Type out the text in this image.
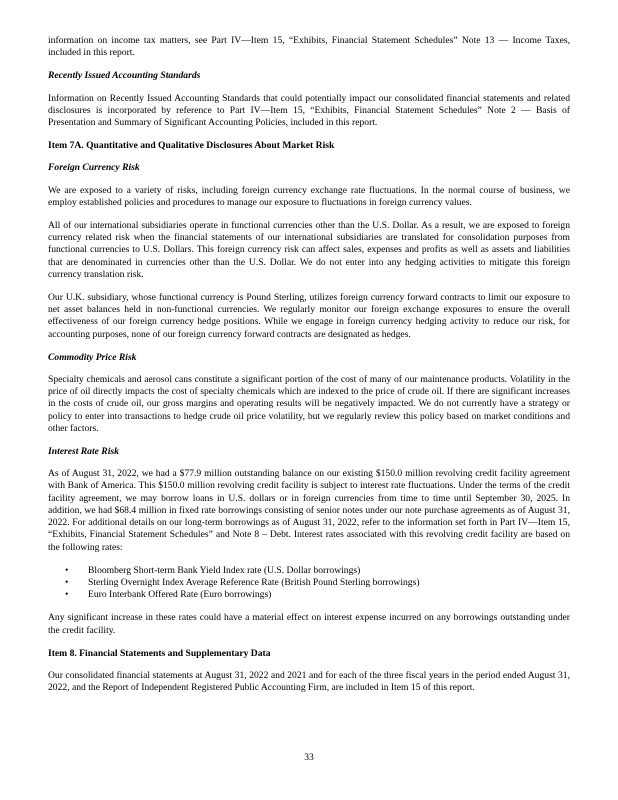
information on income tax matters, see Part IV—Item 15, “Exhibits, Financial Statement Schedules” Note 13 — Income Taxes, included in this report.

Recently Issued Accounting Standards

Information on Recently Issued Accounting Standards that could potentially impact our consolidated financial statements and related disclosures is incorporated by reference to Part IV—Item 15, “Exhibits, Financial Statement Schedules” Note 2 — Basis of Presentation and Summary of Significant Accounting Policies, included in this report.

Item 7A. Quantitative and Qualitative Disclosures About Market Risk
Foreign Currency Risk

We are exposed to a variety of risks, including foreign currency exchange rate fluctuations. In the normal course of business, we employ established policies and procedures to manage our exposure to fluctuations in foreign currency values.

All of our international subsidiaries operate in functional currencies other than the U.S. Dollar. As a result, we are exposed to foreign currency related risk when the financial statements of our international subsidiaries are translated for consolidation purposes from functional currencies to U.S. Dollars. This foreign currency risk can affect sales, expenses and profits as well as assets and liabilities that are denominated in currencies other than the U.S. Dollar. We do not enter into any hedging activities to mitigate this foreign currency translation risk.

Our U.K. subsidiary, whose functional currency is Pound Sterling, utilizes foreign currency forward contracts to limit our exposure to net asset balances held in non-functional currencies. We regularly monitor our foreign exchange exposures to ensure the overall effectiveness of our foreign currency hedge positions. While we engage in foreign currency hedging activity to reduce our risk, for accounting purposes, none of our foreign currency forward contracts are designated as hedges.

Commodity Price Risk

Specialty chemicals and aerosol cans constitute a significant portion of the cost of many of our maintenance products. Volatility in the price of oil directly impacts the cost of specialty chemicals which are indexed to the price of crude oil. If there are significant increases in the costs of crude oil, our gross margins and operating results will be negatively impacted. We do not currently have a strategy or policy to enter into transactions to hedge crude oil price volatility, but we regularly review this policy based on market conditions and other factors.

Interest Rate Risk

As of August 31, 2022, we had a $77.9 million outstanding balance on our existing $150.0 million revolving credit facility agreement with Bank of America. This $150.0 million revolving credit facility is subject to interest rate fluctuations. Under the terms of the credit facility agreement, we may borrow loans in U.S. dollars or in foreign currencies from time to time until September 30, 2025. In addition, we had $68.4 million in fixed rate borrowings consisting of senior notes under our note purchase agreements as of August 31, 2022. For additional details on our long-term borrowings as of August 31, 2022, refer to the information set forth in Part IV—Item 15, “Exhibits, Financial Statement Schedules” and Note 8 – Debt. Interest rates associated with this revolving credit facility are based on the following rates:

• Bloomberg Short-term Bank Yield Index rate (U.S. Dollar borrowings)
• Sterling Overnight Index Average Reference Rate (British Pound Sterling borrowings)
• Euro Interbank Offered Rate (Euro borrowings)

Any significant increase in these rates could have a material effect on interest expense incurred on any borrowings outstanding under the credit facility.

Item 8. Financial Statements and Supplementary Data

Our consolidated financial statements at August 31, 2022 and 2021 and for each of the three fiscal years in the period ended August 31, 2022, and the Report of Independent Registered Public Accounting Firm, are included in Item 15 of this report.

33
